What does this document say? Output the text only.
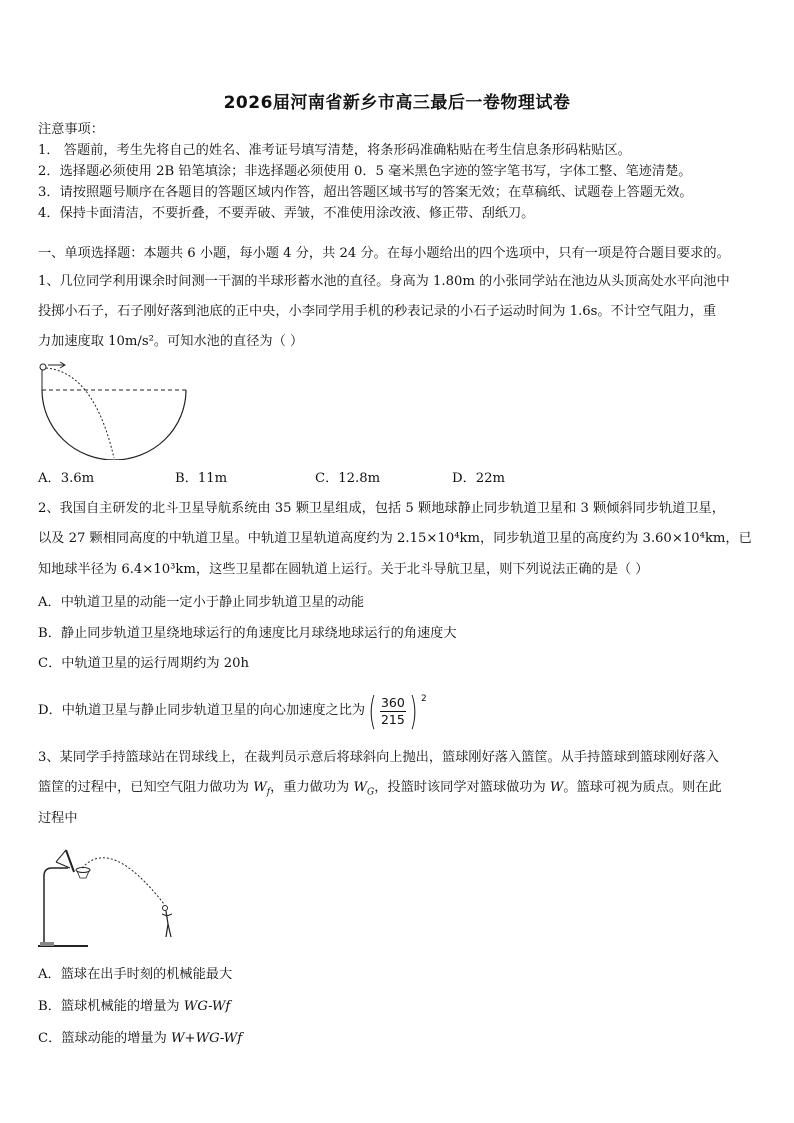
2026届河南省新乡市高三最后一卷物理试卷
注意事项：
1． 答题前，考生先将自己的姓名、准考证号填写清楚，将条形码准确粘贴在考生信息条形码粘贴区。
2．选择题必须使用 2B 铅笔填涂；非选择题必须使用 0．5 毫米黑色字迹的签字笔书写，字体工整、笔迹清楚。
3．请按照题号顺序在各题目的答题区域内作答，超出答题区域书写的答案无效；在草稿纸、试题卷上答题无效。
4．保持卡面清洁，不要折叠，不要弄破、弄皱，不准使用涂改液、修正带、刮纸刀。
一、单项选择题：本题共 6 小题，每小题 4 分，共 24 分。在每小题给出的四个选项中，只有一项是符合题目要求的。
1、几位同学利用课余时间测一干涸的半球形蓄水池的直径。身高为 1.80m 的小张同学站在池边从头顶高处水平向池中
投掷小石子，石子刚好落到池底的正中央，小李同学用手机的秒表记录的小石子运动时间为 1.6s。不计空气阻力，重
力加速度取 10m/s²。可知水池的直径为（ ）
A．3.6m	B．11m	C．12.8m	D．22m
2、我国自主研发的北斗卫星导航系统由 35 颗卫星组成，包括 5 颗地球静止同步轨道卫星和 3 颗倾斜同步轨道卫星，
以及 27 颗相同高度的中轨道卫星。中轨道卫星轨道高度约为 2.15×10⁴km，同步轨道卫星的高度约为 3.60×10⁴km，已
知地球半径为 6.4×10³km，这些卫星都在圆轨道上运行。关于北斗导航卫星，则下列说法正确的是（ ）
A．中轨道卫星的动能一定小于静止同步轨道卫星的动能
B．静止同步轨道卫星绕地球运行的角速度比月球绕地球运行的角速度大
C．中轨道卫星的运行周期约为 20h
D．中轨道卫星与静止同步轨道卫星的向心加速度之比为 ( 360
215 ) $^2$
3、某同学手持篮球站在罚球线上，在裁判员示意后将球斜向上抛出，篮球刚好落入篮筐。从手持篮球到篮球刚好落入
篮筐的过程中，已知空气阻力做功为 $W_f$，重力做功为 $W_G$，投篮时该同学对篮球做功为 W。篮球可视为质点。则在此
过程中
A．篮球在出手时刻的机械能最大
B．篮球机械能的增量为 WG-Wf
C．篮球动能的增量为 W+WG-Wf
